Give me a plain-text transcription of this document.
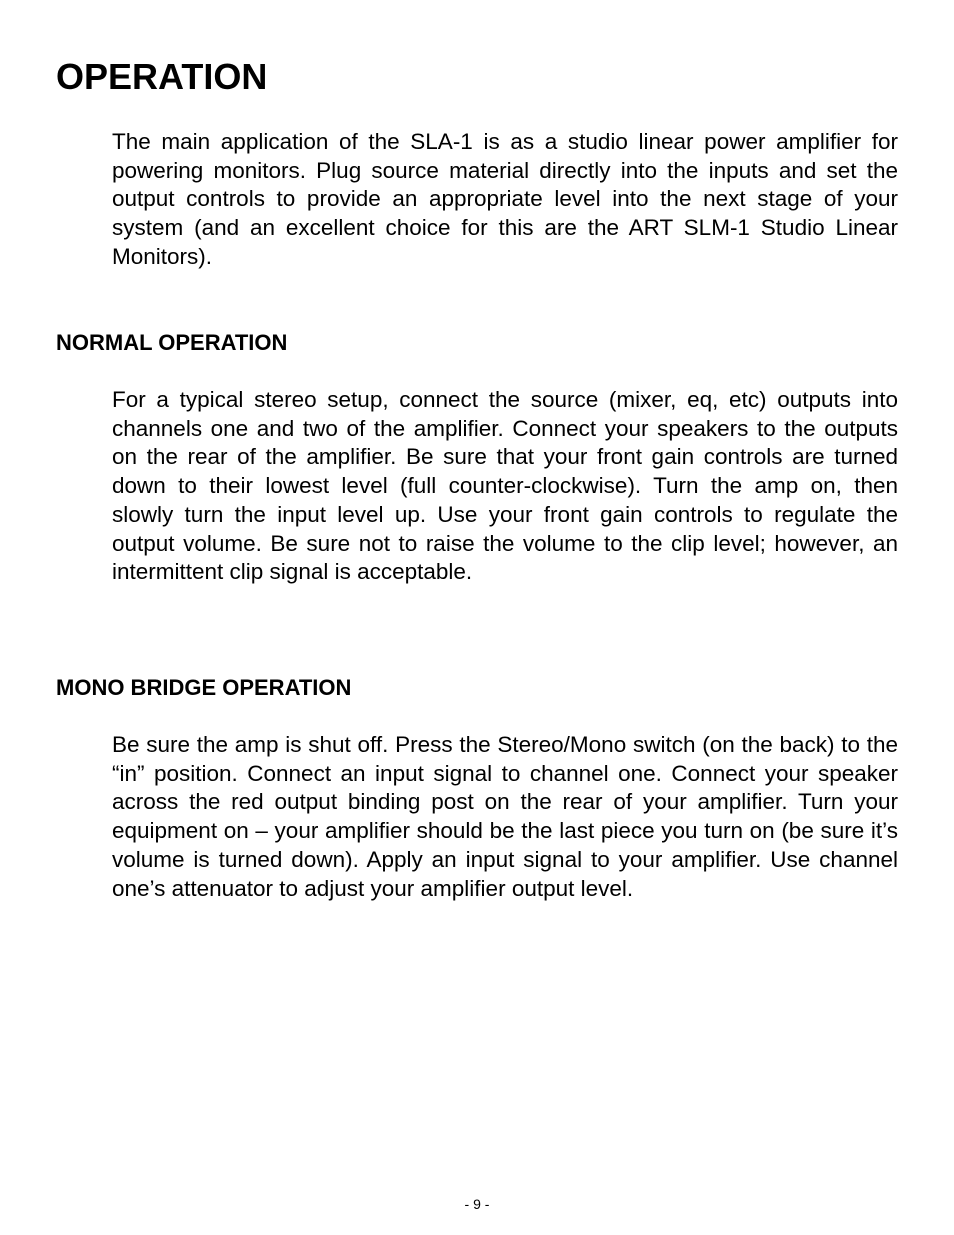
OPERATION

The main application of the SLA-1 is as a studio linear power amplifier for powering monitors. Plug source material directly into the inputs and set the output controls to provide an appropriate level into the next stage of your system (and an excellent choice for this are the ART SLM-1 Studio Linear Monitors).

NORMAL OPERATION

For a typical stereo setup, connect the source (mixer, eq, etc) outputs into channels one and two of the amplifier. Connect your speakers to the outputs on the rear of the amplifier. Be sure that your front gain controls are turned down to their lowest level (full counter-clockwise). Turn the amp on, then slowly turn the input level up. Use your front gain controls to regulate the output volume. Be sure not to raise the volume to the clip level; however, an intermittent clip signal is acceptable.

MONO BRIDGE OPERATION

Be sure the amp is shut off. Press the Stereo/Mono switch (on the back) to the “in” position. Connect an input signal to channel one. Connect your speaker across the red output binding post on the rear of your amplifier. Turn your equipment on – your amplifier should be the last piece you turn on (be sure it’s volume is turned down). Apply an input signal to your amplifier. Use channel one’s attenuator to adjust your amplifier output level.

- 9 -
